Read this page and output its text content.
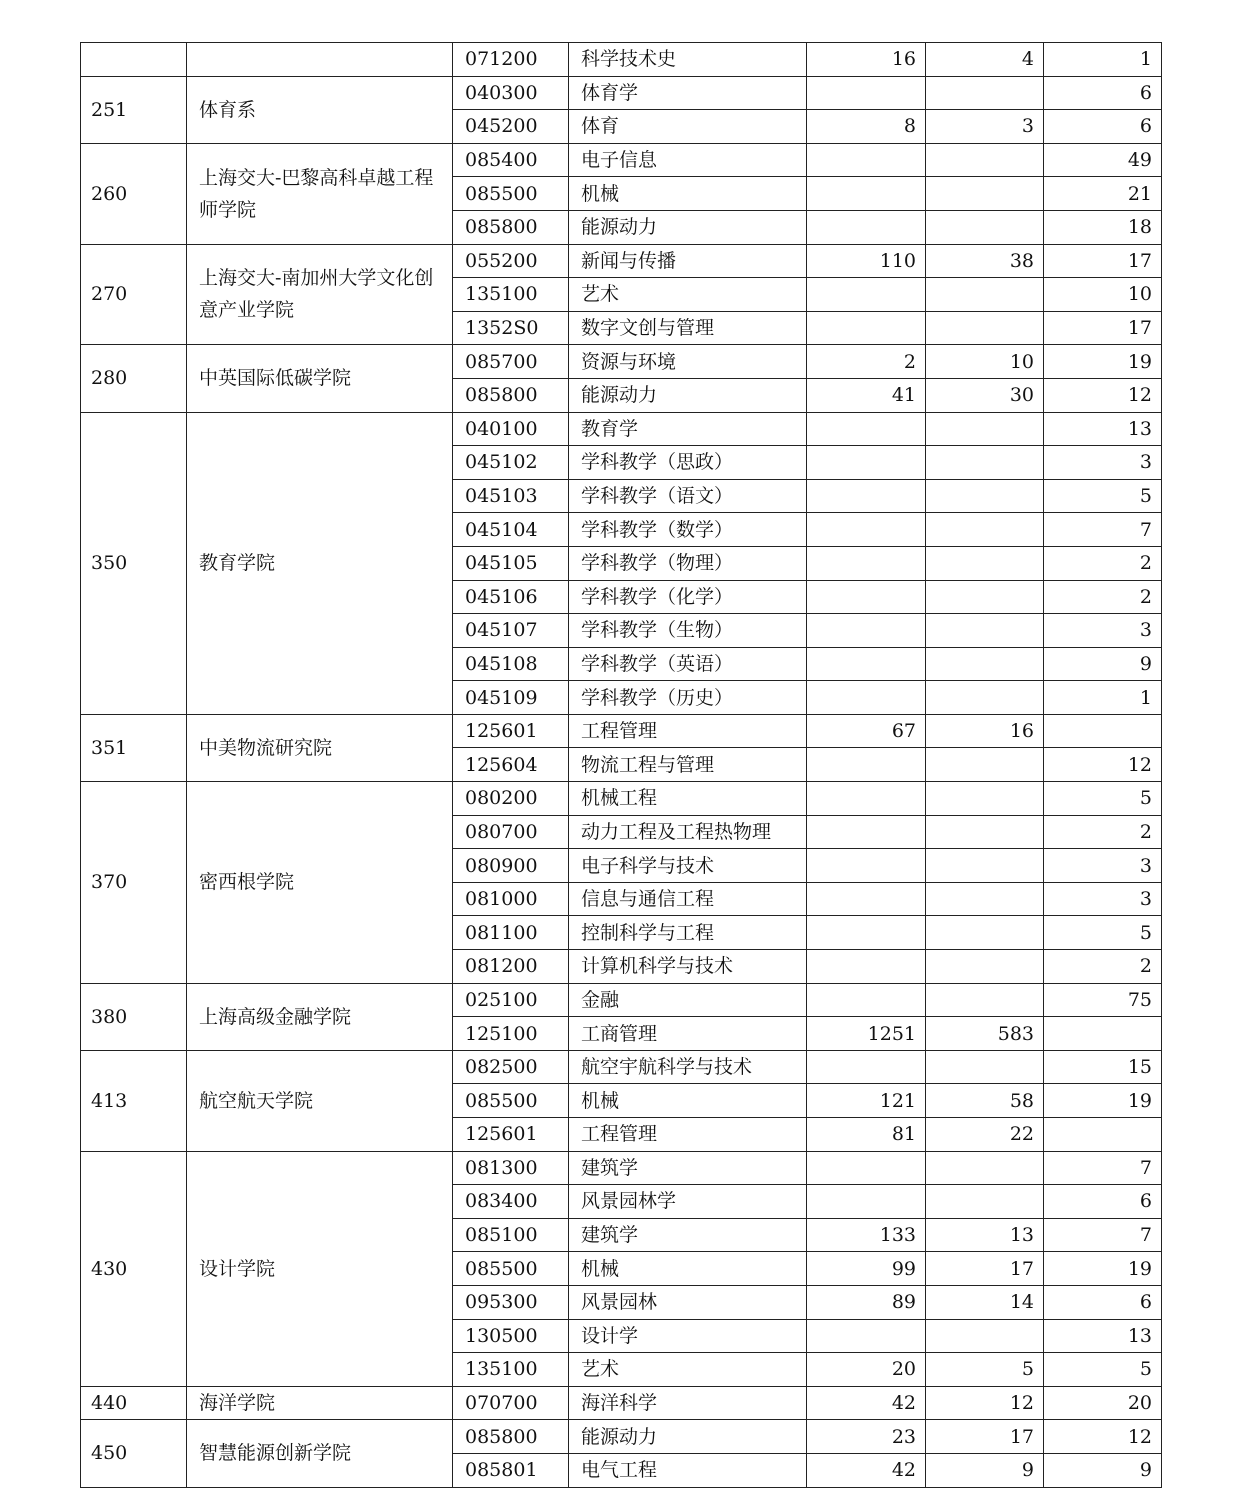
		071200	科学技术史	16	4	1
251	体育系	040300	体育学			6
		045200	体育	8	3	6
260	上海交大-巴黎高科卓越工程师学院	085400	电子信息			49
		085500	机械			21
		085800	能源动力			18
270	上海交大-南加州大学文化创意产业学院	055200	新闻与传播	110	38	17
		135100	艺术			10
		1352S0	数字文创与管理			17
280	中英国际低碳学院	085700	资源与环境	2	10	19
		085800	能源动力	41	30	12
350	教育学院	040100	教育学			13
		045102	学科教学（思政）			3
		045103	学科教学（语文）			5
		045104	学科教学（数学）			7
		045105	学科教学（物理）			2
		045106	学科教学（化学）			2
		045107	学科教学（生物）			3
		045108	学科教学（英语）			9
		045109	学科教学（历史）			1
351	中美物流研究院	125601	工程管理	67	16	
		125604	物流工程与管理			12
370	密西根学院	080200	机械工程			5
		080700	动力工程及工程热物理			2
		080900	电子科学与技术			3
		081000	信息与通信工程			3
		081100	控制科学与工程			5
		081200	计算机科学与技术			2
380	上海高级金融学院	025100	金融			75
		125100	工商管理	1251	583	
413	航空航天学院	082500	航空宇航科学与技术			15
		085500	机械	121	58	19
		125601	工程管理	81	22	
430	设计学院	081300	建筑学			7
		083400	风景园林学			6
		085100	建筑学	133	13	7
		085500	机械	99	17	19
		095300	风景园林	89	14	6
		130500	设计学			13
		135100	艺术	20	5	5
440	海洋学院	070700	海洋科学	42	12	20
450	智慧能源创新学院	085800	能源动力	23	17	12
		085801	电气工程	42	9	9
